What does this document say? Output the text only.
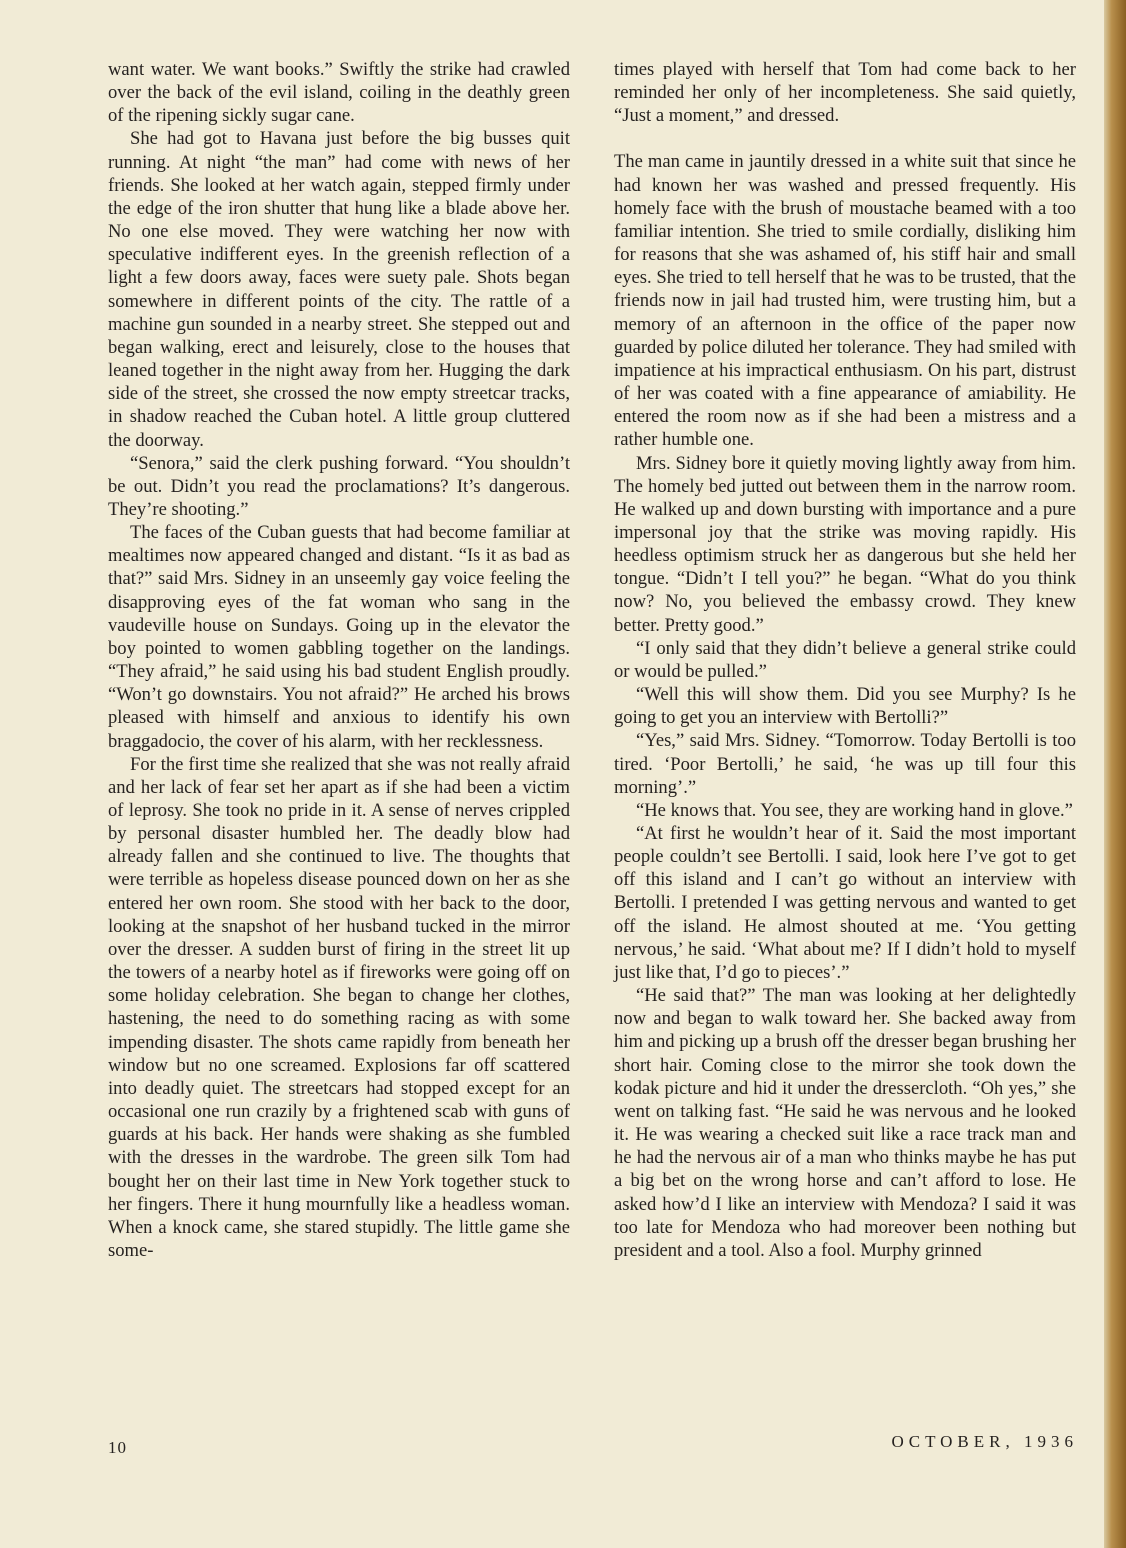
want water. We want books.” Swiftly the strike had crawled over the back of the evil island, coiling in the deathly green of the ripening sickly sugar cane.

She had got to Havana just before the big busses quit running. At night “the man” had come with news of her friends. She looked at her watch again, stepped firmly under the edge of the iron shutter that hung like a blade above her. No one else moved. They were watching her now with speculative indifferent eyes. In the greenish reflection of a light a few doors away, faces were suety pale. Shots began somewhere in different points of the city. The rattle of a machine gun sounded in a nearby street. She stepped out and began walking, erect and leisurely, close to the houses that leaned together in the night away from her. Hugging the dark side of the street, she crossed the now empty streetcar tracks, in shadow reached the Cuban hotel. A little group cluttered the doorway.

“Senora,” said the clerk pushing forward. “You shouldn’t be out. Didn’t you read the proclamations? It’s dangerous. They’re shooting.”

The faces of the Cuban guests that had become familiar at mealtimes now appeared changed and distant. “Is it as bad as that?” said Mrs. Sidney in an unseemly gay voice feeling the disapproving eyes of the fat woman who sang in the vaudeville house on Sundays. Going up in the elevator the boy pointed to women gabbling together on the landings. “They afraid,” he said using his bad student English proudly. “Won’t go downstairs. You not afraid?” He arched his brows pleased with himself and anxious to identify his own braggadocio, the cover of his alarm, with her recklessness.

For the first time she realized that she was not really afraid and her lack of fear set her apart as if she had been a victim of leprosy. She took no pride in it. A sense of nerves crippled by personal disaster humbled her. The deadly blow had already fallen and she continued to live. The thoughts that were terrible as hopeless disease pounced down on her as she entered her own room. She stood with her back to the door, looking at the snapshot of her husband tucked in the mirror over the dresser. A sudden burst of firing in the street lit up the towers of a nearby hotel as if fireworks were going off on some holiday celebration. She began to change her clothes, hastening, the need to do something racing as with some impending disaster. The shots came rapidly from beneath her window but no one screamed. Explosions far off scattered into deadly quiet. The streetcars had stopped except for an occasional one run crazily by a frightened scab with guns of guards at his back. Her hands were shaking as she fumbled with the dresses in the wardrobe. The green silk Tom had bought her on their last time in New York together stuck to her fingers. There it hung mournfully like a headless woman. When a knock came, she stared stupidly. The little game she some-

times played with herself that Tom had come back to her reminded her only of her incompleteness. She said quietly, “Just a moment,” and dressed.

The man came in jauntily dressed in a white suit that since he had known her was washed and pressed frequently. His homely face with the brush of moustache beamed with a too familiar intention. She tried to smile cordially, disliking him for reasons that she was ashamed of, his stiff hair and small eyes. She tried to tell herself that he was to be trusted, that the friends now in jail had trusted him, were trusting him, but a memory of an afternoon in the office of the paper now guarded by police diluted her tolerance. They had smiled with impatience at his impractical enthusiasm. On his part, distrust of her was coated with a fine appearance of amiability. He entered the room now as if she had been a mistress and a rather humble one.

Mrs. Sidney bore it quietly moving lightly away from him. The homely bed jutted out between them in the narrow room. He walked up and down bursting with importance and a pure impersonal joy that the strike was moving rapidly. His heedless optimism struck her as dangerous but she held her tongue. “Didn’t I tell you?” he began. “What do you think now? No, you believed the embassy crowd. They knew better. Pretty good.”

“I only said that they didn’t believe a general strike could or would be pulled.”

“Well this will show them. Did you see Murphy? Is he going to get you an interview with Bertolli?”

“Yes,” said Mrs. Sidney. “Tomorrow. Today Bertolli is too tired. ‘Poor Bertolli,’ he said, ‘he was up till four this morning’.”

“He knows that. You see, they are working hand in glove.”

“At first he wouldn’t hear of it. Said the most important people couldn’t see Bertolli. I said, look here I’ve got to get off this island and I can’t go without an interview with Bertolli. I pretended I was getting nervous and wanted to get off the island. He almost shouted at me. ‘You getting nervous,’ he said. ‘What about me? If I didn’t hold to myself just like that, I’d go to pieces’.”

“He said that?” The man was looking at her delightedly now and began to walk toward her. She backed away from him and picking up a brush off the dresser began brushing her short hair. Coming close to the mirror she took down the kodak picture and hid it under the dressercloth. “Oh yes,” she went on talking fast. “He said he was nervous and he looked it. He was wearing a checked suit like a race track man and he had the nervous air of a man who thinks maybe he has put a big bet on the wrong horse and can’t afford to lose. He asked how’d I like an interview with Mendoza? I said it was too late for Mendoza who had moreover been nothing but president and a tool. Also a fool. Murphy grinned

10	OCTOBER, 1936
